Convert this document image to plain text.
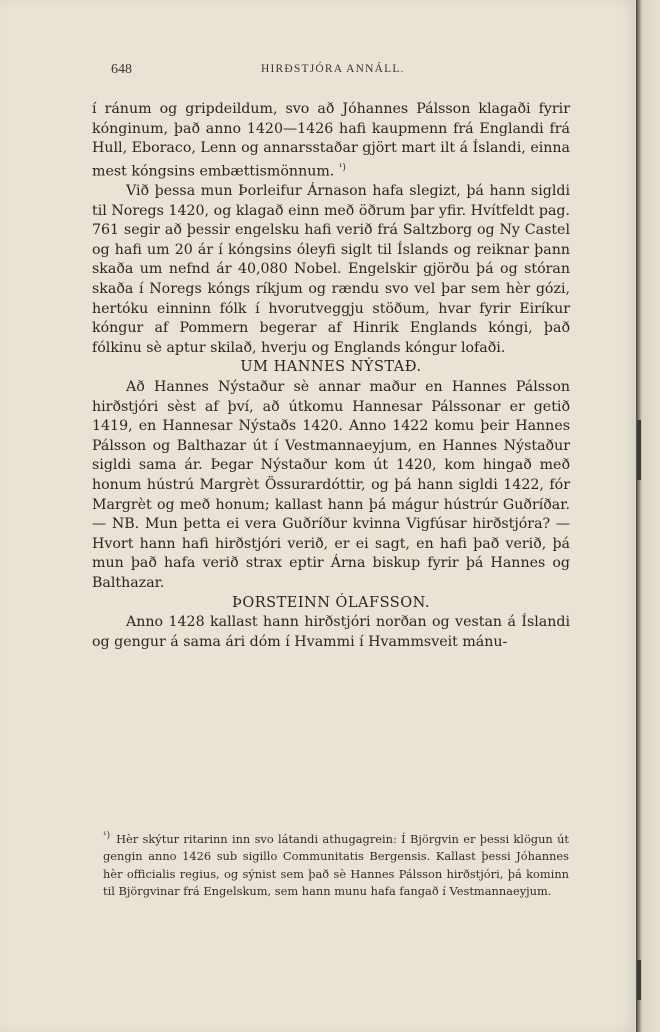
648	HIRÐSTJÓRA ANNÁLL.

í ránum og gripdeildum, svo að Jóhannes Pálsson klagaði fyrir kónginum, það anno 1420—1426 hafi kaupmenn frá Englandi frá Hull, Eboraco, Lenn og annarsstaðar gjört mart ilt á Íslandi, einna mest kóngsins embættismönnum. $^{^1)}$

Við þessa mun Þorleifur Árnason hafa slegizt, þá hann sigldi til Noregs 1420, og klagað einn með öðrum þar yfir. Hvítfeldt pag. 761 segir að þessir engelsku hafi verið frá Saltzborg og Ny Castel og hafi um 20 ár í kóngsins óleyfi siglt til Íslands og reiknar þann skaða um nefnd ár 40,080 Nobel. Engelskir gjörðu þá og stóran skaða í Noregs kóngs ríkjum og rændu svo vel þar sem hèr gózi, hertóku einninn fólk í hvorutveggju stöðum, hvar fyrir Eiríkur kóngur af Pommern begerar af Hinrik Englands kóngi, það fólkinu sè aptur skilað, hverju og Englands kóngur lofaði.

UM HANNES NÝSTAÐ.

Að Hannes Nýstaður sè annar maður en Hannes Pálsson hirðstjóri sèst af því, að útkomu Hannesar Pálssonar er getið 1419, en Hannesar Nýstaðs 1420. Anno 1422 komu þeir Hannes Pálsson og Balthazar út í Vestmannaeyjum, en Hannes Nýstaður sigldi sama ár. Þegar Nýstaður kom út 1420, kom hingað með honum hústrú Margrèt Össurardóttir, og þá hann sigldi 1422, fór Margrèt og með honum; kallast hann þá mágur hústrúr Guðríðar. — NB. Mun þetta ei vera Guðríður kvinna Vigfúsar hirðstjóra? — Hvort hann hafi hirðstjóri verið, er ei sagt, en hafi það verið, þá mun það hafa verið strax eptir Árna biskup fyrir þá Hannes og Balthazar.

ÞORSTEINN ÓLAFSSON.

Anno 1428 kallast hann hirðstjóri norðan og vestan á Íslandi og gengur á sama ári dóm í Hvammi í Hvammsveit mánu-

$^{^1)}$ Hèr skýtur ritarinn inn svo látandi athugagrein: Í Björgvin er þessi klögun út gengin anno 1426 sub sigillo Communitatis Bergensis. Kallast þessi Jóhannes hèr officialis regius, og sýnist sem það sè Hannes Pálsson hirðstjóri, þá kominn til Björgvinar frá Engelskum, sem hann munu hafa fangað í Vestmannaeyjum.
